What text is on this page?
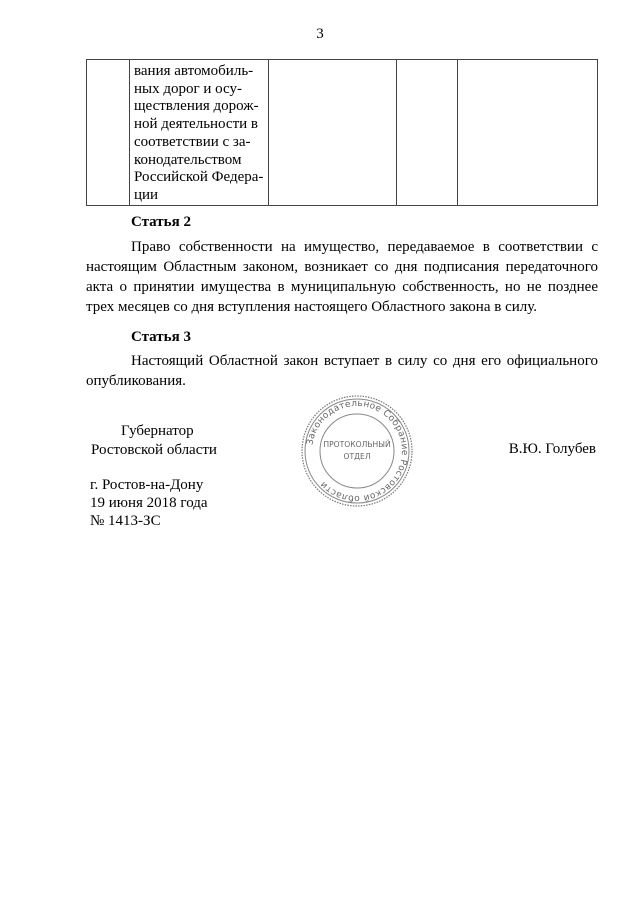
3

вания автомобиль-
ных дорог и осу-
ществления дорож-
ной деятельности в
соответствии с за-
конодательством
Российской Федера-
ции

Статья 2
Право собственности на имущество, передаваемое в соответствии с
настоящим Областным законом, возникает со дня подписания передаточного
акта о принятии имущества в муниципальную собственность, но не позднее
трех месяцев со дня вступления настоящего Областного закона в силу.
Статья 3
Настоящий Областной закон вступает в силу со дня его официального
опубликования.
Губернатор
Ростовской области
Законодательное Собрание Ростовской области
ПРОТОКОЛЬНЫЙ
ОТДЕЛ	В.Ю. Голубев
г. Ростов-на-Дону
19 июня 2018 года
№ 1413-ЗС
